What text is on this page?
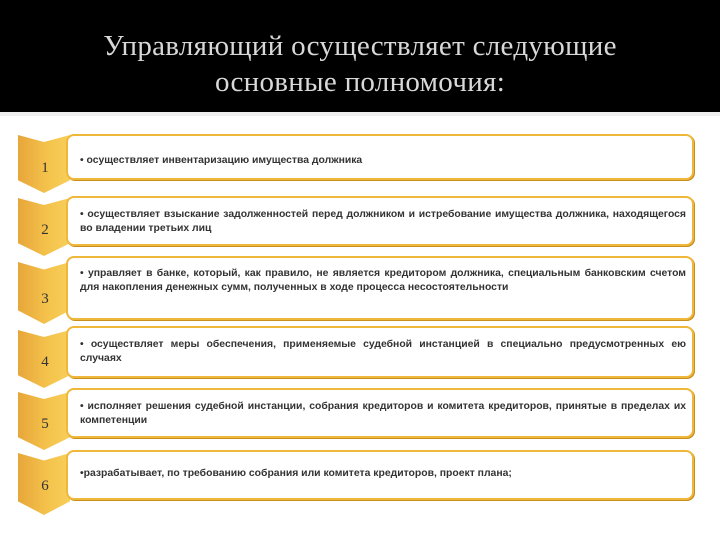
Управляющий осуществляет следующие
основные полномочия:
1	• осуществляет инвентаризацию имущества должника
2
• осуществляет взыскание задолженностей перед должником и истребование имущества должника, находящегося во владении третьих лиц
3
• управляет в банке, который, как правило, не является кредитором должника, специальным банковским счетом для накопления денежных сумм, полученных в ходе процесса несостоятельности
4
• осуществляет меры обеспечения, применяемые судебной инстанцией в специально предусмотренных ею случаях
5
• исполняет решения судебной инстанции, собрания кредиторов и комитета кредиторов, принятые в пределах их компетенции
6
•разрабатывает, по требованию собрания или комитета кредиторов, проект плана;
